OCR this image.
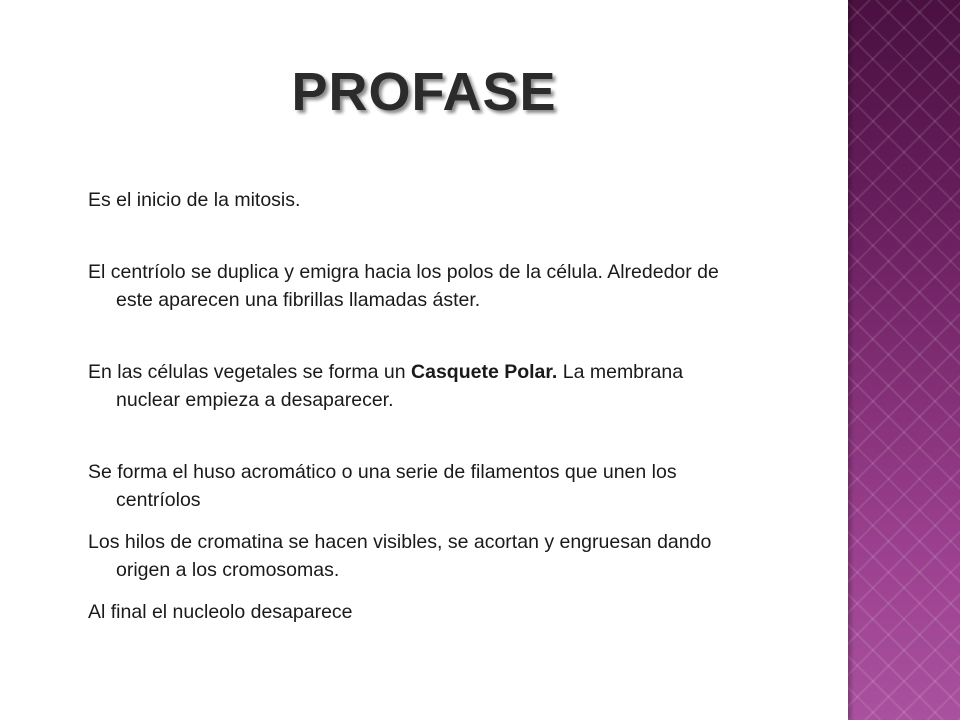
PROFASE

Es el inicio de la mitosis.

El centríolo se duplica y emigra hacia los polos de la célula. Alrededor de este aparecen una fibrillas llamadas áster.

En las células vegetales se forma un Casquete Polar. La membrana nuclear empieza a desaparecer.

Se forma el huso acromático o una serie de filamentos que unen los centríolos

Los hilos de cromatina se hacen visibles, se acortan y engruesan dando origen a los cromosomas.

Al final el nucleolo desaparece
